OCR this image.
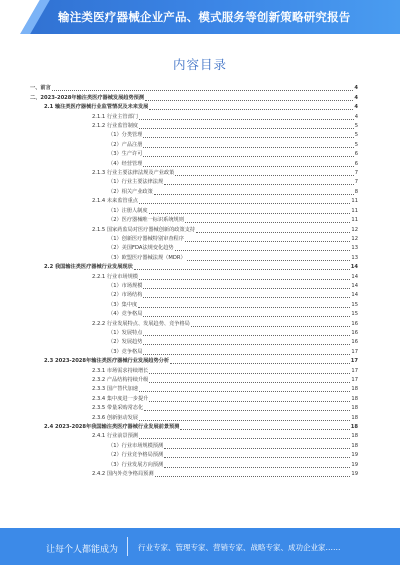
输注类医疗器械企业产品、模式服务等创新策略研究报告
内容目录
一、前言	4
二、2023-2028年输注类医疗器械发展趋势预测	4
2.1 输注类医疗器械行业监管情况及未来发展	4
2.1.1 行业主管部门	4
2.1.2 行业监管制度	5
（1）分类管理	5
（2）产品注册	5
（3）生产许可	6
（4）经营管理	6
2.1.3 行业主要法律法规及产业政策	7
（1）行业主要法律法规	7
（2）相关产业政策	8
2.1.4 未来监管重点	11
（1）注册人制度	11
（2）医疗器械唯一标识系统规则	11
2.1.5 国家药监局对医疗器械创新的政策支持	12
（1）创新医疗器械特别审查程序	12
（2）美国FDA法规变化趋势	13
（3）欧盟医疗器械法规（MDR）	13
2.2 我国输注类医疗器械行业发展现状	14
2.2.1 行业市场规模	14
（1）市场规模	14
（2）市场结构	14
（3）集中度	15
（4）竞争格局	15
2.2.2 行业发展特点、发展趋势、竞争格局	16
（1）发展特点	16
（2）发展趋势	16
（3）竞争格局	17
2.3 2023-2028年输注类医疗器械行业发展趋势分析	17
2.3.1 市场需求持续增长	17
2.3.2 产品结构持续升级	17
2.3.3 国产替代加速	18
2.3.4 集中度进一步提升	18
2.3.5 带量采购常态化	18
2.3.6 创新驱动发展	18
2.4 2023-2028年我国输注类医疗器械行业发展前景预测	18
2.4.1 行业前景预测	18
（1）行业市场规模预测	18
（2）行业竞争格局预测	19
（3）行业发展方向预测	19
2.4.2 国内外竞争格局预测	19
让每个人都能成为	行业专家、管理专家、营销专家、战略专家、成功企业家……
